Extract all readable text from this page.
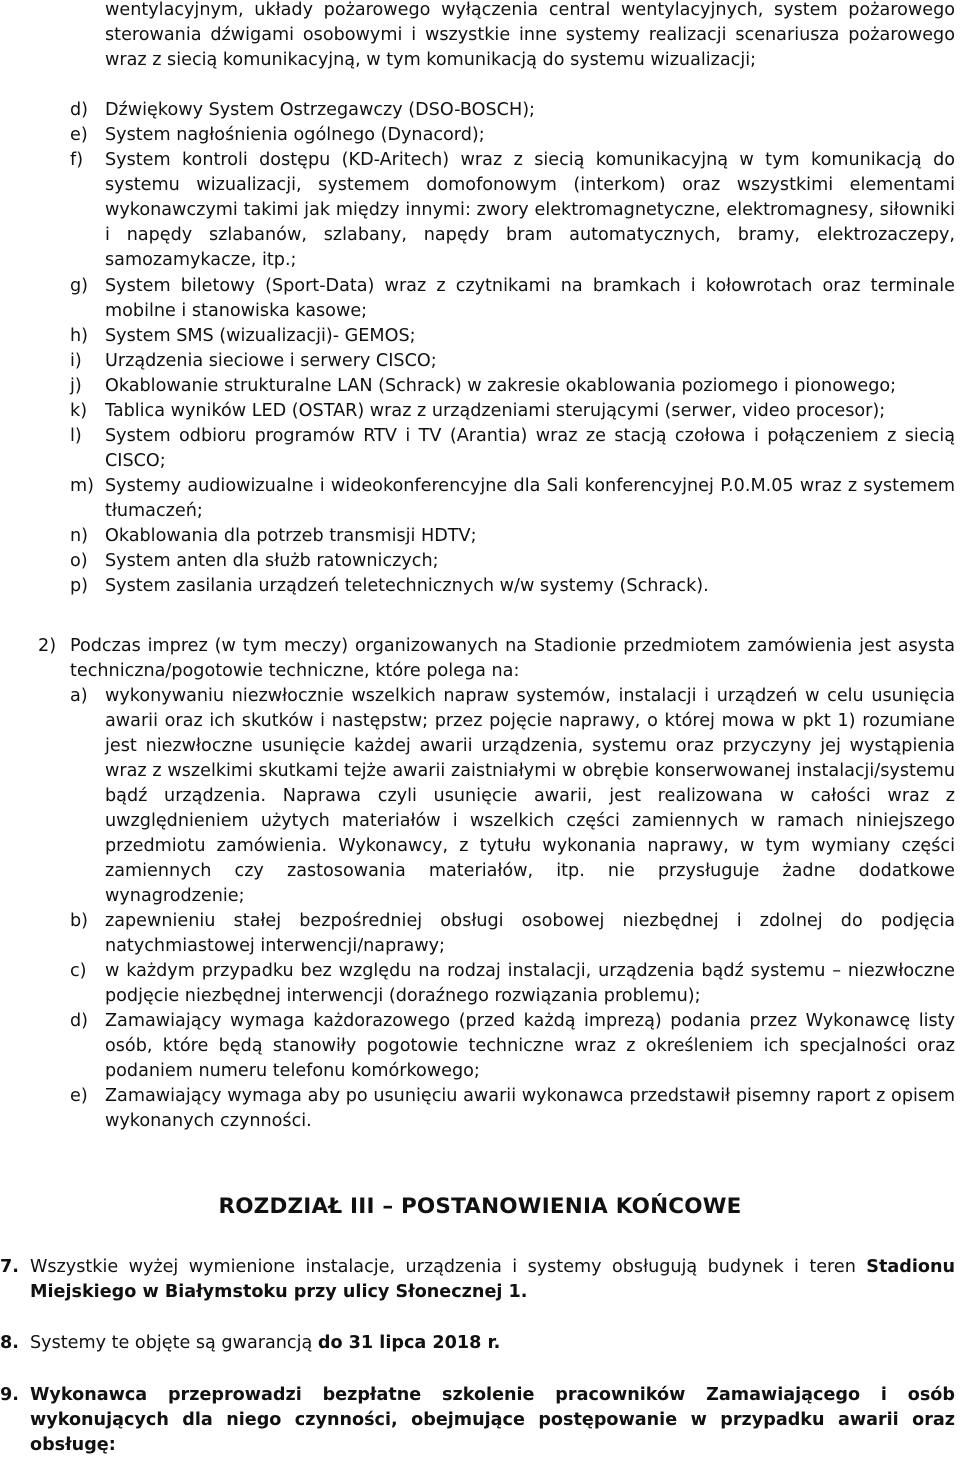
wentylacyjnym, układy pożarowego wyłączenia central wentylacyjnych, system pożarowego sterowania dźwigami osobowymi i wszystkie inne systemy realizacji scenariusza pożarowego wraz z siecią komunikacyjną, w tym komunikacją do systemu wizualizacji;
d) Dźwiękowy System Ostrzegawczy (DSO-BOSCH);
e) System nagłośnienia ogólnego (Dynacord);
f)	System kontroli dostępu (KD-Aritech) wraz z siecią komunikacyjną w tym komunikacją do systemu wizualizacji, systemem domofonowym (interkom) oraz wszystkimi elementami wykonawczymi takimi jak między innymi: zwory elektromagnetyczne, elektromagnesy, siłowniki i napędy szlabanów, szlabany, napędy bram automatycznych, bramy, elektrozaczepy, samozamykacze, itp.;
g) System biletowy (Sport-Data) wraz z czytnikami na bramkach i kołowrotach oraz terminale mobilne i stanowiska kasowe;
h) System SMS (wizualizacji)- GEMOS;
i)	Urządzenia sieciowe i serwery CISCO;
j)	Okablowanie strukturalne LAN (Schrack) w zakresie okablowania poziomego i pionowego;
k)	Tablica wyników LED (OSTAR) wraz z urządzeniami sterującymi (serwer, video procesor);
l)	System odbioru programów RTV i TV (Arantia) wraz ze stacją czołowa i połączeniem z siecią CISCO;
m) Systemy audiowizualne i wideokonferencyjne dla Sali konferencyjnej P.0.M.05 wraz z systemem tłumaczeń;
n) Okablowania dla potrzeb transmisji HDTV;
o) System anten dla służb ratowniczych;
p) System zasilania urządzeń teletechnicznych w/w systemy (Schrack).
2) Podczas imprez (w tym meczy) organizowanych na Stadionie przedmiotem zamówienia jest asysta techniczna/pogotowie techniczne, które polega na:
a) wykonywaniu niezwłocznie wszelkich napraw systemów, instalacji i urządzeń w celu usunięcia awarii oraz ich skutków i następstw; przez pojęcie naprawy, o której mowa w pkt 1) rozumiane jest niezwłoczne usunięcie każdej awarii urządzenia, systemu oraz przyczyny jej wystąpienia wraz z wszelkimi skutkami tejże awarii zaistniałymi w obrębie konserwowanej instalacji/systemu bądź urządzenia. Naprawa czyli usunięcie awarii, jest realizowana w całości wraz z uwzględnieniem użytych materiałów i wszelkich części zamiennych w ramach niniejszego przedmiotu zamówienia. Wykonawcy, z tytułu wykonania naprawy, w tym wymiany części zamiennych czy zastosowania materiałów, itp. nie przysługuje żadne dodatkowe wynagrodzenie;
b) zapewnieniu stałej bezpośredniej obsługi osobowej niezbędnej i zdolnej do podjęcia natychmiastowej interwencji/naprawy;
c)	w każdym przypadku bez względu na rodzaj instalacji, urządzenia bądź systemu – niezwłoczne podjęcie niezbędnej interwencji (doraźnego rozwiązania problemu);
d) Zamawiający wymaga każdorazowego (przed każdą imprezą) podania przez Wykonawcę listy osób, które będą stanowiły pogotowie techniczne wraz z określeniem ich specjalności oraz podaniem numeru telefonu komórkowego;
e) Zamawiający wymaga aby po usunięciu awarii wykonawca przedstawił pisemny raport z opisem wykonanych czynności.
ROZDZIAŁ III – POSTANOWIENIA KOŃCOWE
7. Wszystkie wyżej wymienione instalacje, urządzenia i systemy obsługują budynek i teren Stadionu Miejskiego w Białymstoku przy ulicy Słonecznej 1.
8. Systemy te objęte są gwarancją do 31 lipca 2018 r.
9. Wykonawca przeprowadzi bezpłatne szkolenie pracowników Zamawiającego i osób wykonujących dla niego czynności, obejmujące postępowanie w przypadku awarii oraz obsługę:
